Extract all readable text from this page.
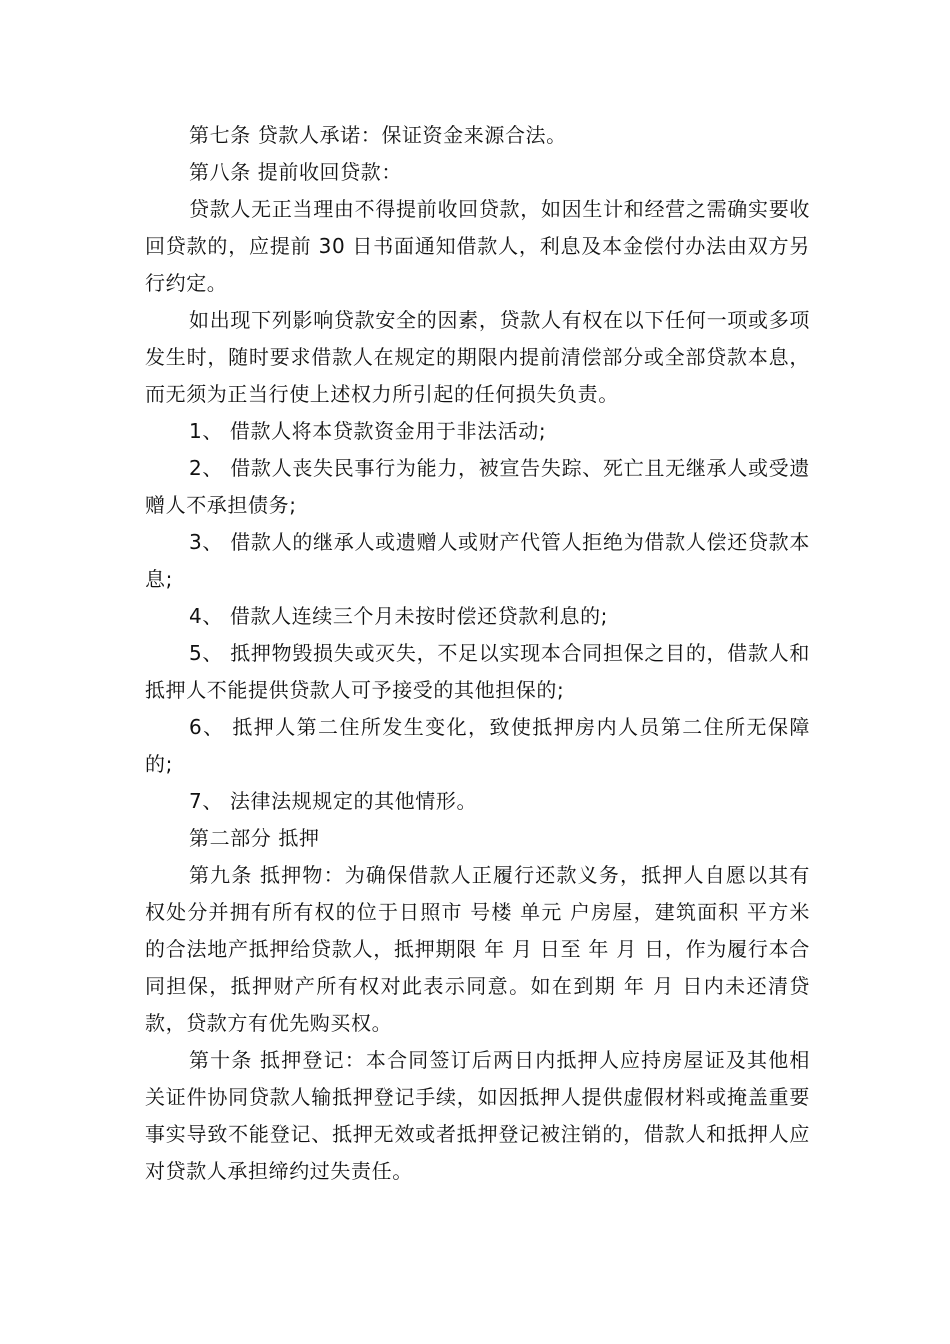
第七条 贷款人承诺：保证资金来源合法。

第八条 提前收回贷款：

贷款人无正当理由不得提前收回贷款，如因生计和经营之需确实要收回贷款的，应提前 30 日书面通知借款人，利息及本金偿付办法由双方另行约定。

如出现下列影响贷款安全的因素，贷款人有权在以下任何一项或多项发生时，随时要求借款人在规定的期限内提前清偿部分或全部贷款本息，而无须为正当行使上述权力所引起的任何损失负责。

1、 借款人将本贷款资金用于非法活动;

2、 借款人丧失民事行为能力，被宣告失踪、死亡且无继承人或受遗赠人不承担债务;

3、 借款人的继承人或遗赠人或财产代管人拒绝为借款人偿还贷款本息;

4、 借款人连续三个月未按时偿还贷款利息的;

5、 抵押物毁损失或灭失，不足以实现本合同担保之目的，借款人和抵押人不能提供贷款人可予接受的其他担保的;

6、 抵押人第二住所发生变化，致使抵押房内人员第二住所无保障的;

7、 法律法规规定的其他情形。

第二部分 抵押

第九条 抵押物：为确保借款人正履行还款义务，抵押人自愿以其有权处分并拥有所有权的位于日照市 号楼 单元 户房屋，建筑面积 平方米的合法地产抵押给贷款人，抵押期限 年 月 日至 年 月 日，作为履行本合同担保，抵押财产所有权对此表示同意。如在到期 年 月 日内未还清贷款，贷款方有优先购买权。

第十条 抵押登记：本合同签订后两日内抵押人应持房屋证及其他相关证件协同贷款人输抵押登记手续，如因抵押人提供虚假材料或掩盖重要事实导致不能登记、抵押无效或者抵押登记被注销的，借款人和抵押人应对贷款人承担缔约过失责任。
